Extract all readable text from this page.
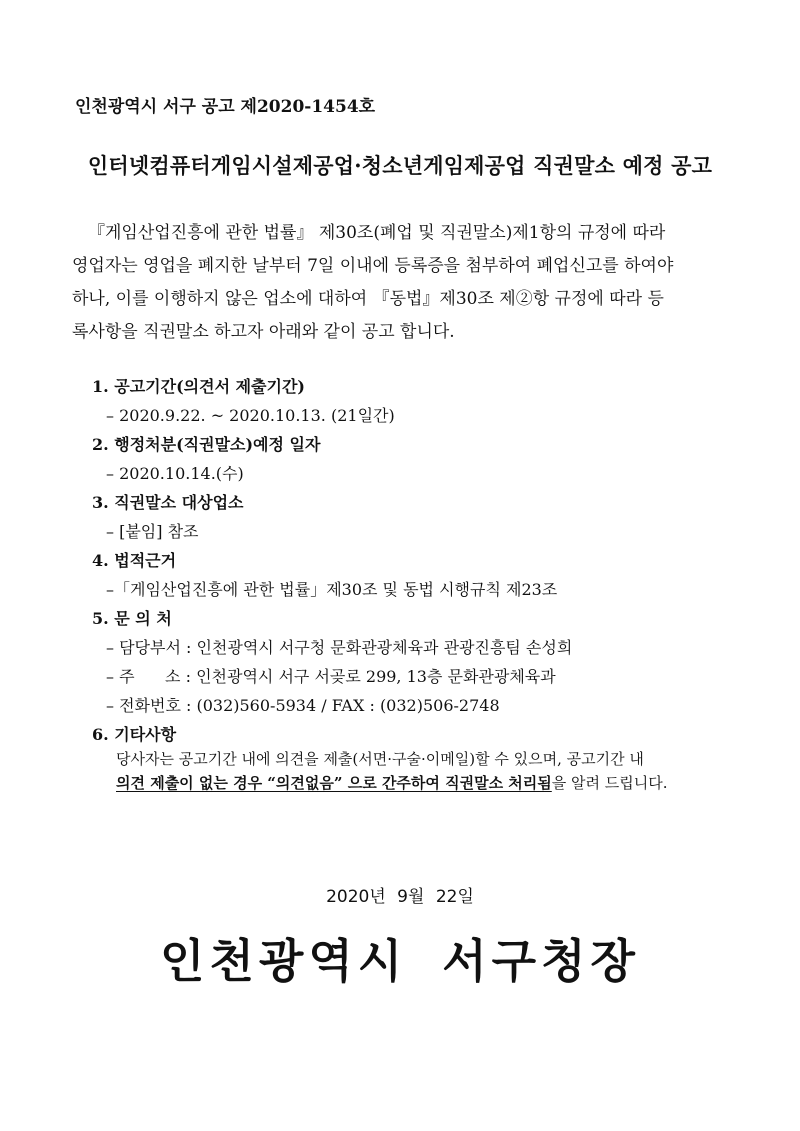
인천광역시 서구 공고 제2020-1454호
인터넷컴퓨터게임시설제공업·청소년게임제공업 직권말소 예정 공고
『게임산업진흥에 관한 법률』 제30조(폐업 및 직권말소)제1항의 규정에 따라
영업자는 영업을 폐지한 날부터 7일 이내에 등록증을 첨부하여 폐업신고를 하여야
하나, 이를 이행하지 않은 업소에 대하여 『동법』제30조 제②항 규정에 따라 등
록사항을 직권말소 하고자 아래와 같이 공고 합니다.
1. 공고기간(의견서 제출기간)
– 2020.9.22. ~ 2020.10.13. (21일간)
2. 행정처분(직권말소)예정 일자
– 2020.10.14.(수)
3. 직권말소 대상업소
– [붙임] 참조
4. 법적근거
–「게임산업진흥에 관한 법률」제30조 및 동법 시행규칙 제23조
5. 문 의 처
– 담당부서 : 인천광역시 서구청 문화관광체육과 관광진흥팀 손성희
– 주      소 : 인천광역시 서구 서곶로 299, 13층 문화관광체육과
– 전화번호 : (032)560-5934 / FAX : (032)506-2748
6. 기타사항
당사자는 공고기간 내에 의견을 제출(서면·구술·이메일)할 수 있으며, 공고기간 내
의견 제출이 없는 경우 “의견없음” 으로 간주하여 직권말소 처리됨을 알려 드립니다.
2020년 9월 22일
인천광역시 서구청장
